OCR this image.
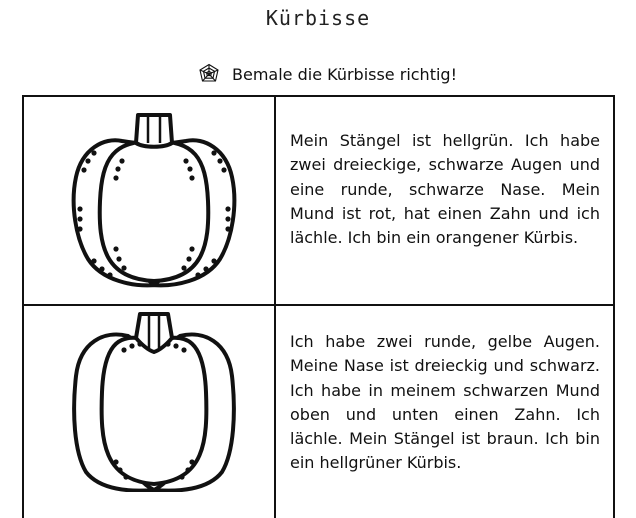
Kürbisse
Bemale die Kürbisse richtig!
Mein Stängel ist hellgrün. Ich habe zwei dreieckige, schwarze Augen und eine runde, schwarze Nase. Mein Mund ist rot, hat einen Zahn und ich lächle. Ich bin ein orangener Kürbis.
Ich habe zwei runde, gelbe Augen. Meine Nase ist dreieckig und schwarz. Ich habe in meinem schwarzen Mund oben und unten einen Zahn. Ich lächle. Mein Stängel ist braun. Ich bin ein hellgrüner Kürbis.
